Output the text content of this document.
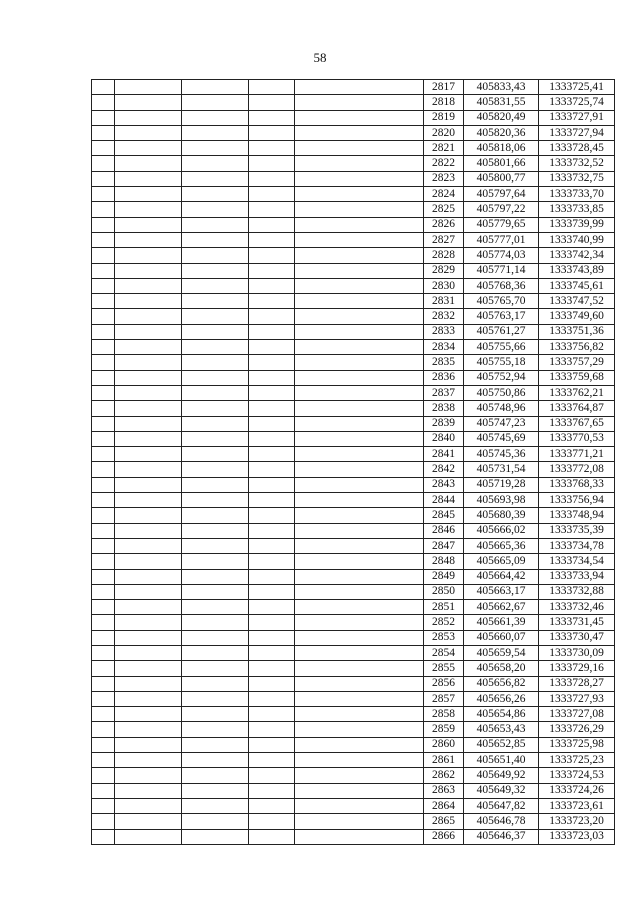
58
					2817	405833,43	1333725,41
					2818	405831,55	1333725,74
					2819	405820,49	1333727,91
					2820	405820,36	1333727,94
					2821	405818,06	1333728,45
					2822	405801,66	1333732,52
					2823	405800,77	1333732,75
					2824	405797,64	1333733,70
					2825	405797,22	1333733,85
					2826	405779,65	1333739,99
					2827	405777,01	1333740,99
					2828	405774,03	1333742,34
					2829	405771,14	1333743,89
					2830	405768,36	1333745,61
					2831	405765,70	1333747,52
					2832	405763,17	1333749,60
					2833	405761,27	1333751,36
					2834	405755,66	1333756,82
					2835	405755,18	1333757,29
					2836	405752,94	1333759,68
					2837	405750,86	1333762,21
					2838	405748,96	1333764,87
					2839	405747,23	1333767,65
					2840	405745,69	1333770,53
					2841	405745,36	1333771,21
					2842	405731,54	1333772,08
					2843	405719,28	1333768,33
					2844	405693,98	1333756,94
					2845	405680,39	1333748,94
					2846	405666,02	1333735,39
					2847	405665,36	1333734,78
					2848	405665,09	1333734,54
					2849	405664,42	1333733,94
					2850	405663,17	1333732,88
					2851	405662,67	1333732,46
					2852	405661,39	1333731,45
					2853	405660,07	1333730,47
					2854	405659,54	1333730,09
					2855	405658,20	1333729,16
					2856	405656,82	1333728,27
					2857	405656,26	1333727,93
					2858	405654,86	1333727,08
					2859	405653,43	1333726,29
					2860	405652,85	1333725,98
					2861	405651,40	1333725,23
					2862	405649,92	1333724,53
					2863	405649,32	1333724,26
					2864	405647,82	1333723,61
					2865	405646,78	1333723,20
					2866	405646,37	1333723,03
